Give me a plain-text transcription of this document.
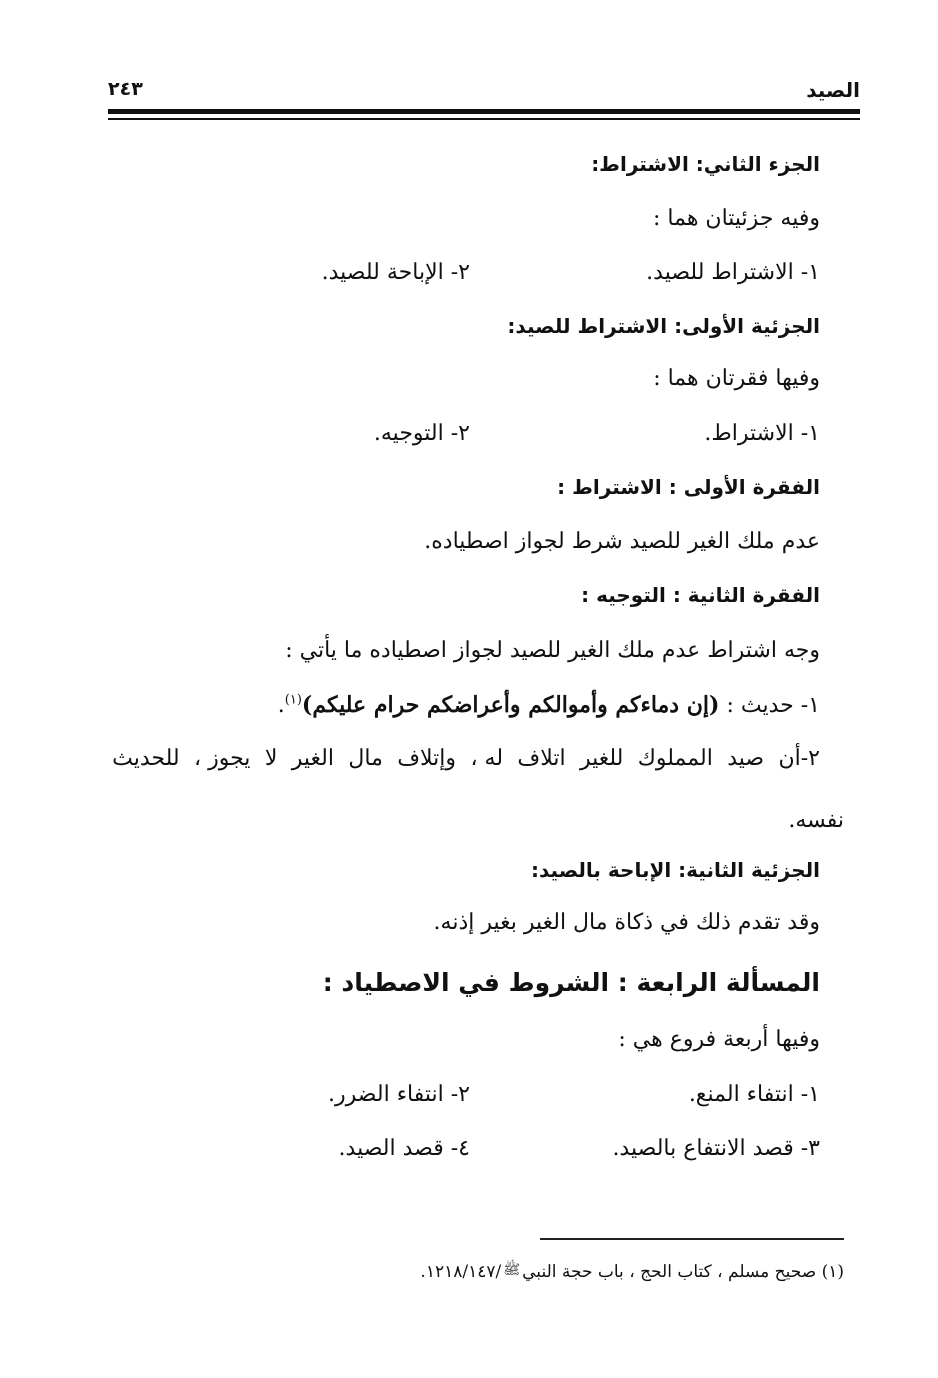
الصيد
٢٤٣
الجزء الثاني: الاشتراط:
وفيه جزئيتان هما :
١- الاشتراط للصيد.
٢- الإباحة للصيد.
الجزئية الأولى: الاشتراط للصيد:
وفيها فقرتان هما :
١- الاشتراط.
٢- التوجيه.
الفقرة الأولى : الاشتراط :
عدم ملك الغير للصيد شرط لجواز اصطياده.
الفقرة الثانية : التوجيه :
وجه اشتراط عدم ملك الغير للصيد لجواز اصطياده ما يأتي :
١- حديث : (إن دماءكم وأموالكم وأعراضكم حرام عليكم)$^{(١)}$.
٢-أن
صيد
المملوك
للغير
اتلاف
له ،
وإتلاف
مال
الغير
لا
يجوز ،
للحديث
نفسه.
الجزئية الثانية: الإباحة بالصيد:
وقد تقدم ذلك في ذكاة مال الغير بغير إذنه.
المسألة الرابعة : الشروط في الاصطياد :
وفيها أربعة فروع هي :
١- انتفاء المنع.
٢- انتفاء الضرر.
٣- قصد الانتفاع بالصيد.
٤- قصد الصيد.
(١) صحيح مسلم ، كتاب الحج ، باب حجة النبيﷺ/١٢١٨/١٤٧.
